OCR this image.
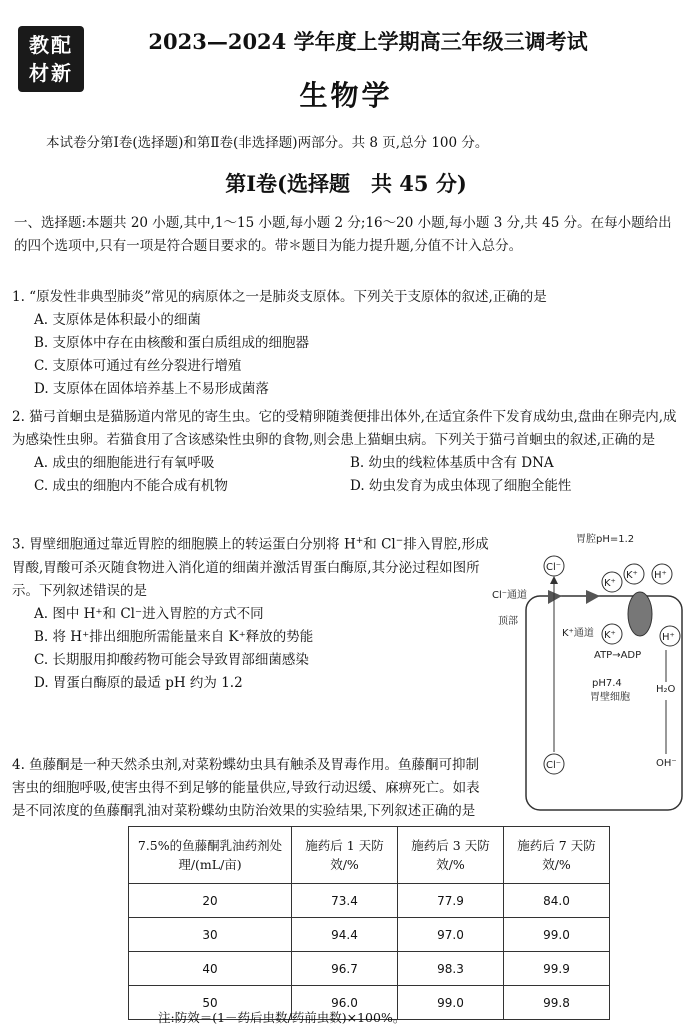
教配
材新
2023—2024 学年度上学期高三年级三调考试
生物学
本试卷分第Ⅰ卷(选择题)和第Ⅱ卷(非选择题)两部分。共 8 页,总分 100 分。
第Ⅰ卷(选择题　共 45 分)
一、选择题:本题共 20 小题,其中,1～15 小题,每小题 2 分;16～20 小题,每小题 3 分,共 45 分。在每小题给出的四个选项中,只有一项是符合题目要求的。带＊题目为能力提升题,分值不计入总分。
1. “原发性非典型肺炎”常见的病原体之一是肺炎支原体。下列关于支原体的叙述,正确的是
A. 支原体是体积最小的细菌
B. 支原体中存在由核酸和蛋白质组成的细胞器
C. 支原体可通过有丝分裂进行增殖
D. 支原体在固体培养基上不易形成菌落
2. 猫弓首蛔虫是猫肠道内常见的寄生虫。它的受精卵随粪便排出体外,在适宜条件下发育成幼虫,盘曲在卵壳内,成为感染性虫卵。若猫食用了含该感染性虫卵的食物,则会患上猫蛔虫病。下列关于猫弓首蛔虫的叙述,正确的是
A. 成虫的细胞能进行有氧呼吸	B. 幼虫的线粒体基质中含有 DNA
C. 成虫的细胞内不能合成有机物	D. 幼虫发育为成虫体现了细胞全能性
3. 胃壁细胞通过靠近胃腔的细胞膜上的转运蛋白分别将 H+和 Cl−排入胃腔,形成胃酸,胃酸可杀灭随食物进入消化道的细菌并激活胃蛋白酶原,其分泌过程如图所示。下列叙述错误的是
A. 图中 H⁺和 Cl⁻进入胃腔的方式不同
B. 将 H⁺排出细胞所需能量来自 K⁺释放的势能
C. 长期服用抑酸药物可能会导致胃部细菌感染
D. 胃蛋白酶原的最适 pH 约为 1.2
胃腔pH=1.2
Cl⁻
K⁺
K⁺ H⁺
Cl⁻通道
K⁺通道
顶部
ATP→ADP
K⁺	H⁺
pH7.4
胃壁细胞
H₂O
OH⁻
Cl⁻
4. 鱼藤酮是一种天然杀虫剂,对菜粉蝶幼虫具有触杀及胃毒作用。鱼藤酮可抑制害虫的细胞呼吸,使害虫得不到足够的能量供应,导致行动迟缓、麻痹死亡。如表是不同浓度的鱼藤酮乳油对菜粉蝶幼虫防治效果的实验结果,下列叙述正确的是
7.5%的鱼藤酮乳油药剂处理/(mL/亩)	施药后 1 天防效/%	施药后 3 天防效/%	施药后 7 天防效/%
20	73.4	77.9	84.0
30	94.4	97.0	99.0
40	96.7	98.3	99.9
50	96.0	99.0	99.8
注:防效＝(1－药后虫数/药前虫数)×100%。
